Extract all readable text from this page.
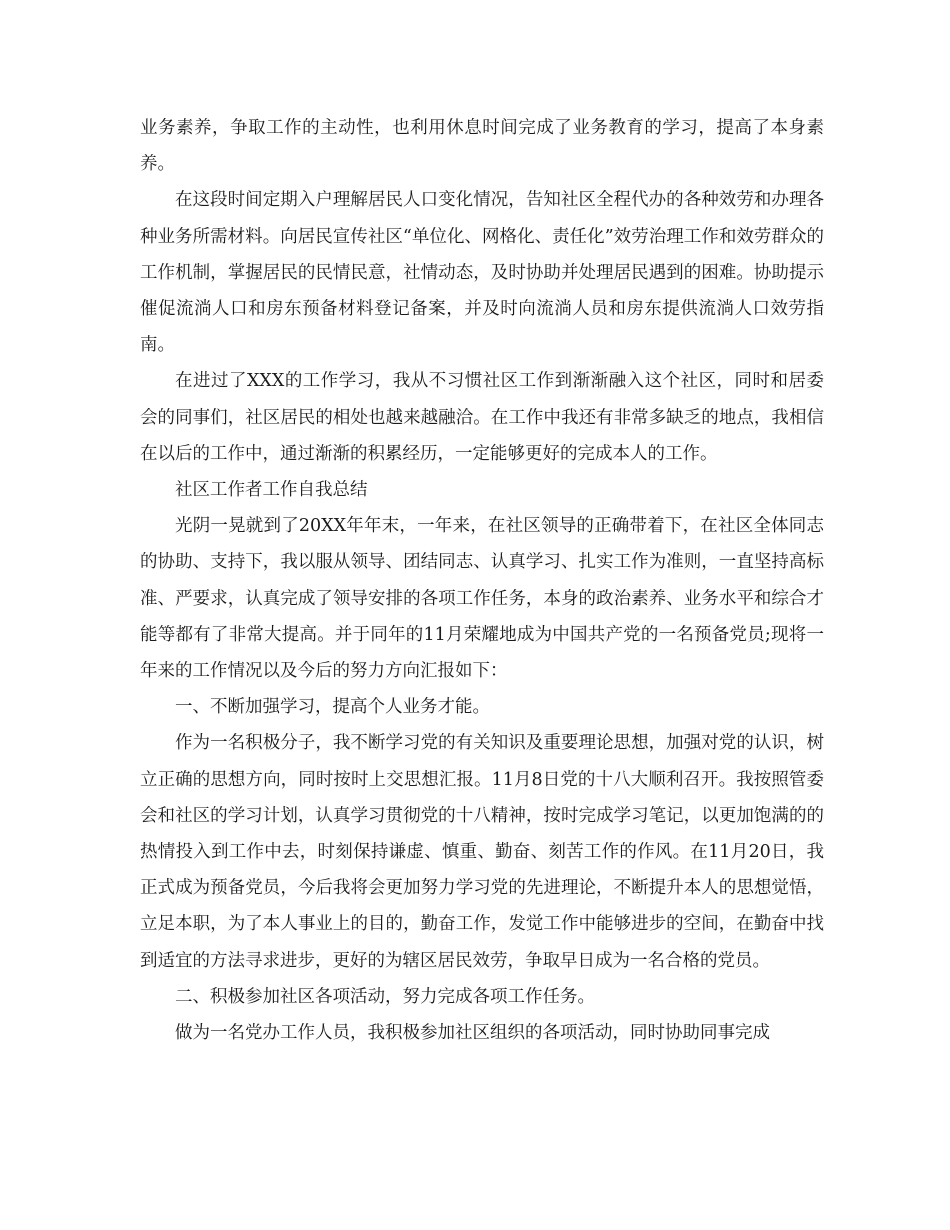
业务素养，争取工作的主动性，也利用休息时间完成了业务教育的学习，提高了本身素养。

在这段时间定期入户理解居民人口变化情况，告知社区全程代办的各种效劳和办理各种业务所需材料。向居民宣传社区“单位化、网格化、责任化”效劳治理工作和效劳群众的工作机制，掌握居民的民情民意，社情动态，及时协助并处理居民遇到的困难。协助提示催促流淌人口和房东预备材料登记备案，并及时向流淌人员和房东提供流淌人口效劳指南。

在进过了XXX的工作学习，我从不习惯社区工作到渐渐融入这个社区，同时和居委会的同事们，社区居民的相处也越来越融洽。在工作中我还有非常多缺乏的地点，我相信在以后的工作中，通过渐渐的积累经历，一定能够更好的完成本人的工作。

社区工作者工作自我总结

光阴一晃就到了20XX年年末，一年来，在社区领导的正确带着下，在社区全体同志的协助、支持下，我以服从领导、团结同志、认真学习、扎实工作为准则，一直坚持高标准、严要求，认真完成了领导安排的各项工作任务，本身的政治素养、业务水平和综合才能等都有了非常大提高。并于同年的11月荣耀地成为中国共产党的一名预备党员;现将一年来的工作情况以及今后的努力方向汇报如下：

一、不断加强学习，提高个人业务才能。

作为一名积极分子，我不断学习党的有关知识及重要理论思想，加强对党的认识，树立正确的思想方向，同时按时上交思想汇报。11月8日党的十八大顺利召开。我按照管委会和社区的学习计划，认真学习贯彻党的十八精神，按时完成学习笔记，以更加饱满的的热情投入到工作中去，时刻保持谦虚、慎重、勤奋、刻苦工作的作风。在11月20日，我正式成为预备党员，今后我将会更加努力学习党的先进理论，不断提升本人的思想觉悟，立足本职，为了本人事业上的目的，勤奋工作，发觉工作中能够进步的空间，在勤奋中找到适宜的方法寻求进步，更好的为辖区居民效劳，争取早日成为一名合格的党员。

二、积极参加社区各项活动，努力完成各项工作任务。

做为一名党办工作人员，我积极参加社区组织的各项活动，同时协助同事完成
